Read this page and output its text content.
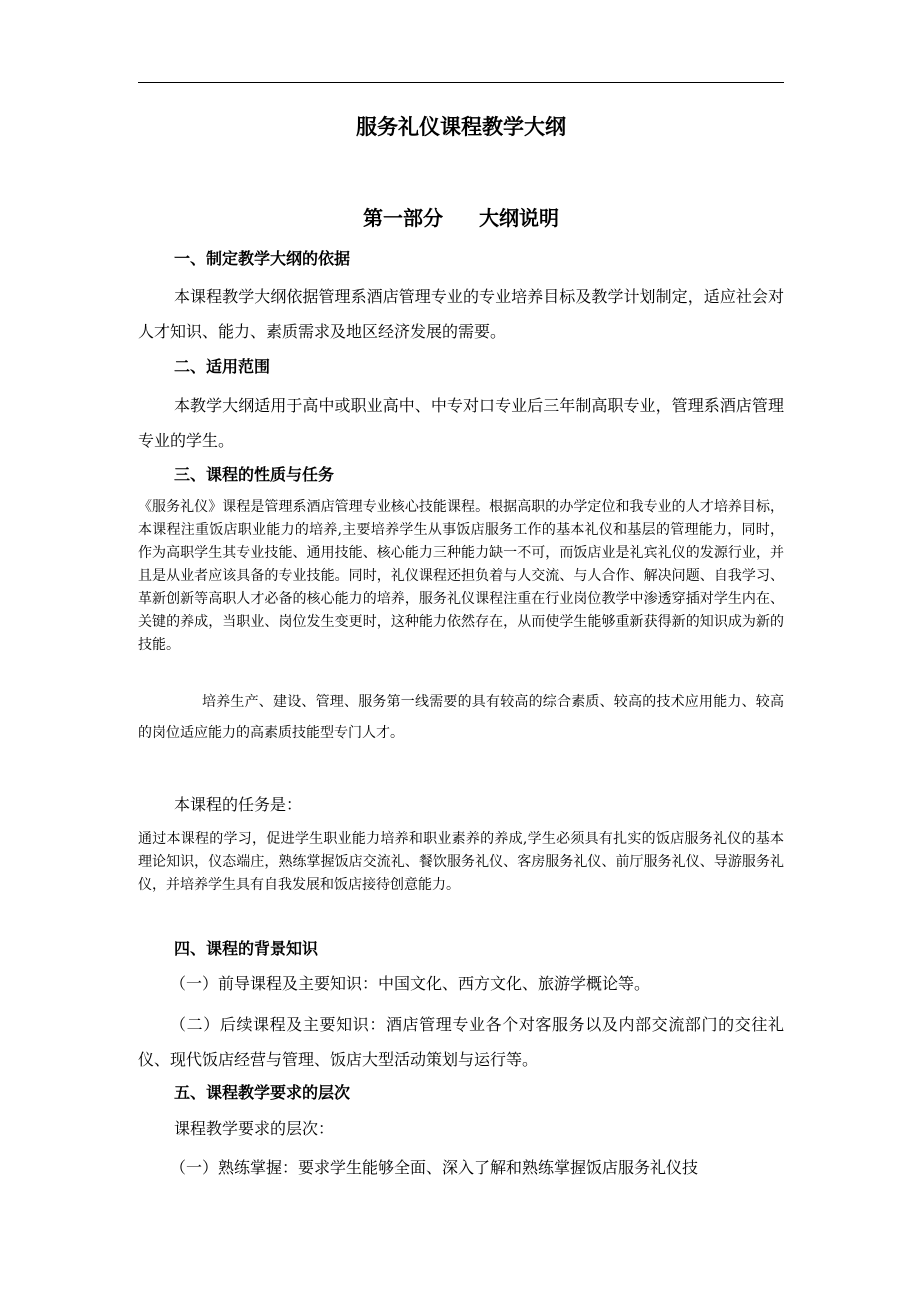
服务礼仪课程教学大纲
第一部分 大纲说明
一、制定教学大纲的依据

本课程教学大纲依据管理系酒店管理专业的专业培养目标及教学计划制定，适应社会对人才知识、能力、素质需求及地区经济发展的需要。

二、适用范围

本教学大纲适用于高中或职业高中、中专对口专业后三年制高职专业，管理系酒店管理专业的学生。

三、课程的性质与任务

《服务礼仪》课程是管理系酒店管理专业核心技能课程。根据高职的办学定位和我专业的人才培养目标，本课程注重饭店职业能力的培养,主要培养学生从事饭店服务工作的基本礼仪和基层的管理能力，同时，作为高职学生其专业技能、通用技能、核心能力三种能力缺一不可，而饭店业是礼宾礼仪的发源行业，并且是从业者应该具备的专业技能。同时，礼仪课程还担负着与人交流、与人合作、解决问题、自我学习、革新创新等高职人才必备的核心能力的培养，服务礼仪课程注重在行业岗位教学中渗透穿插对学生内在、关键的养成，当职业、岗位发生变更时，这种能力依然存在，从而使学生能够重新获得新的知识成为新的技能。

培养生产、建设、管理、服务第一线需要的具有较高的综合素质、较高的技术应用能力、较高的岗位适应能力的高素质技能型专门人才。

本课程的任务是：

通过本课程的学习，促进学生职业能力培养和职业素养的养成,学生必须具有扎实的饭店服务礼仪的基本理论知识，仪态端庄，熟练掌握饭店交流礼、餐饮服务礼仪、客房服务礼仪、前厅服务礼仪、导游服务礼仪，并培养学生具有自我发展和饭店接待创意能力。

四、课程的背景知识

（一）前导课程及主要知识：中国文化、西方文化、旅游学概论等。

（二）后续课程及主要知识：酒店管理专业各个对客服务以及内部交流部门的交往礼仪、现代饭店经营与管理、饭店大型活动策划与运行等。

五、课程教学要求的层次
课程教学要求的层次：

（一）熟练掌握：要求学生能够全面、深入了解和熟练掌握饭店服务礼仪技
